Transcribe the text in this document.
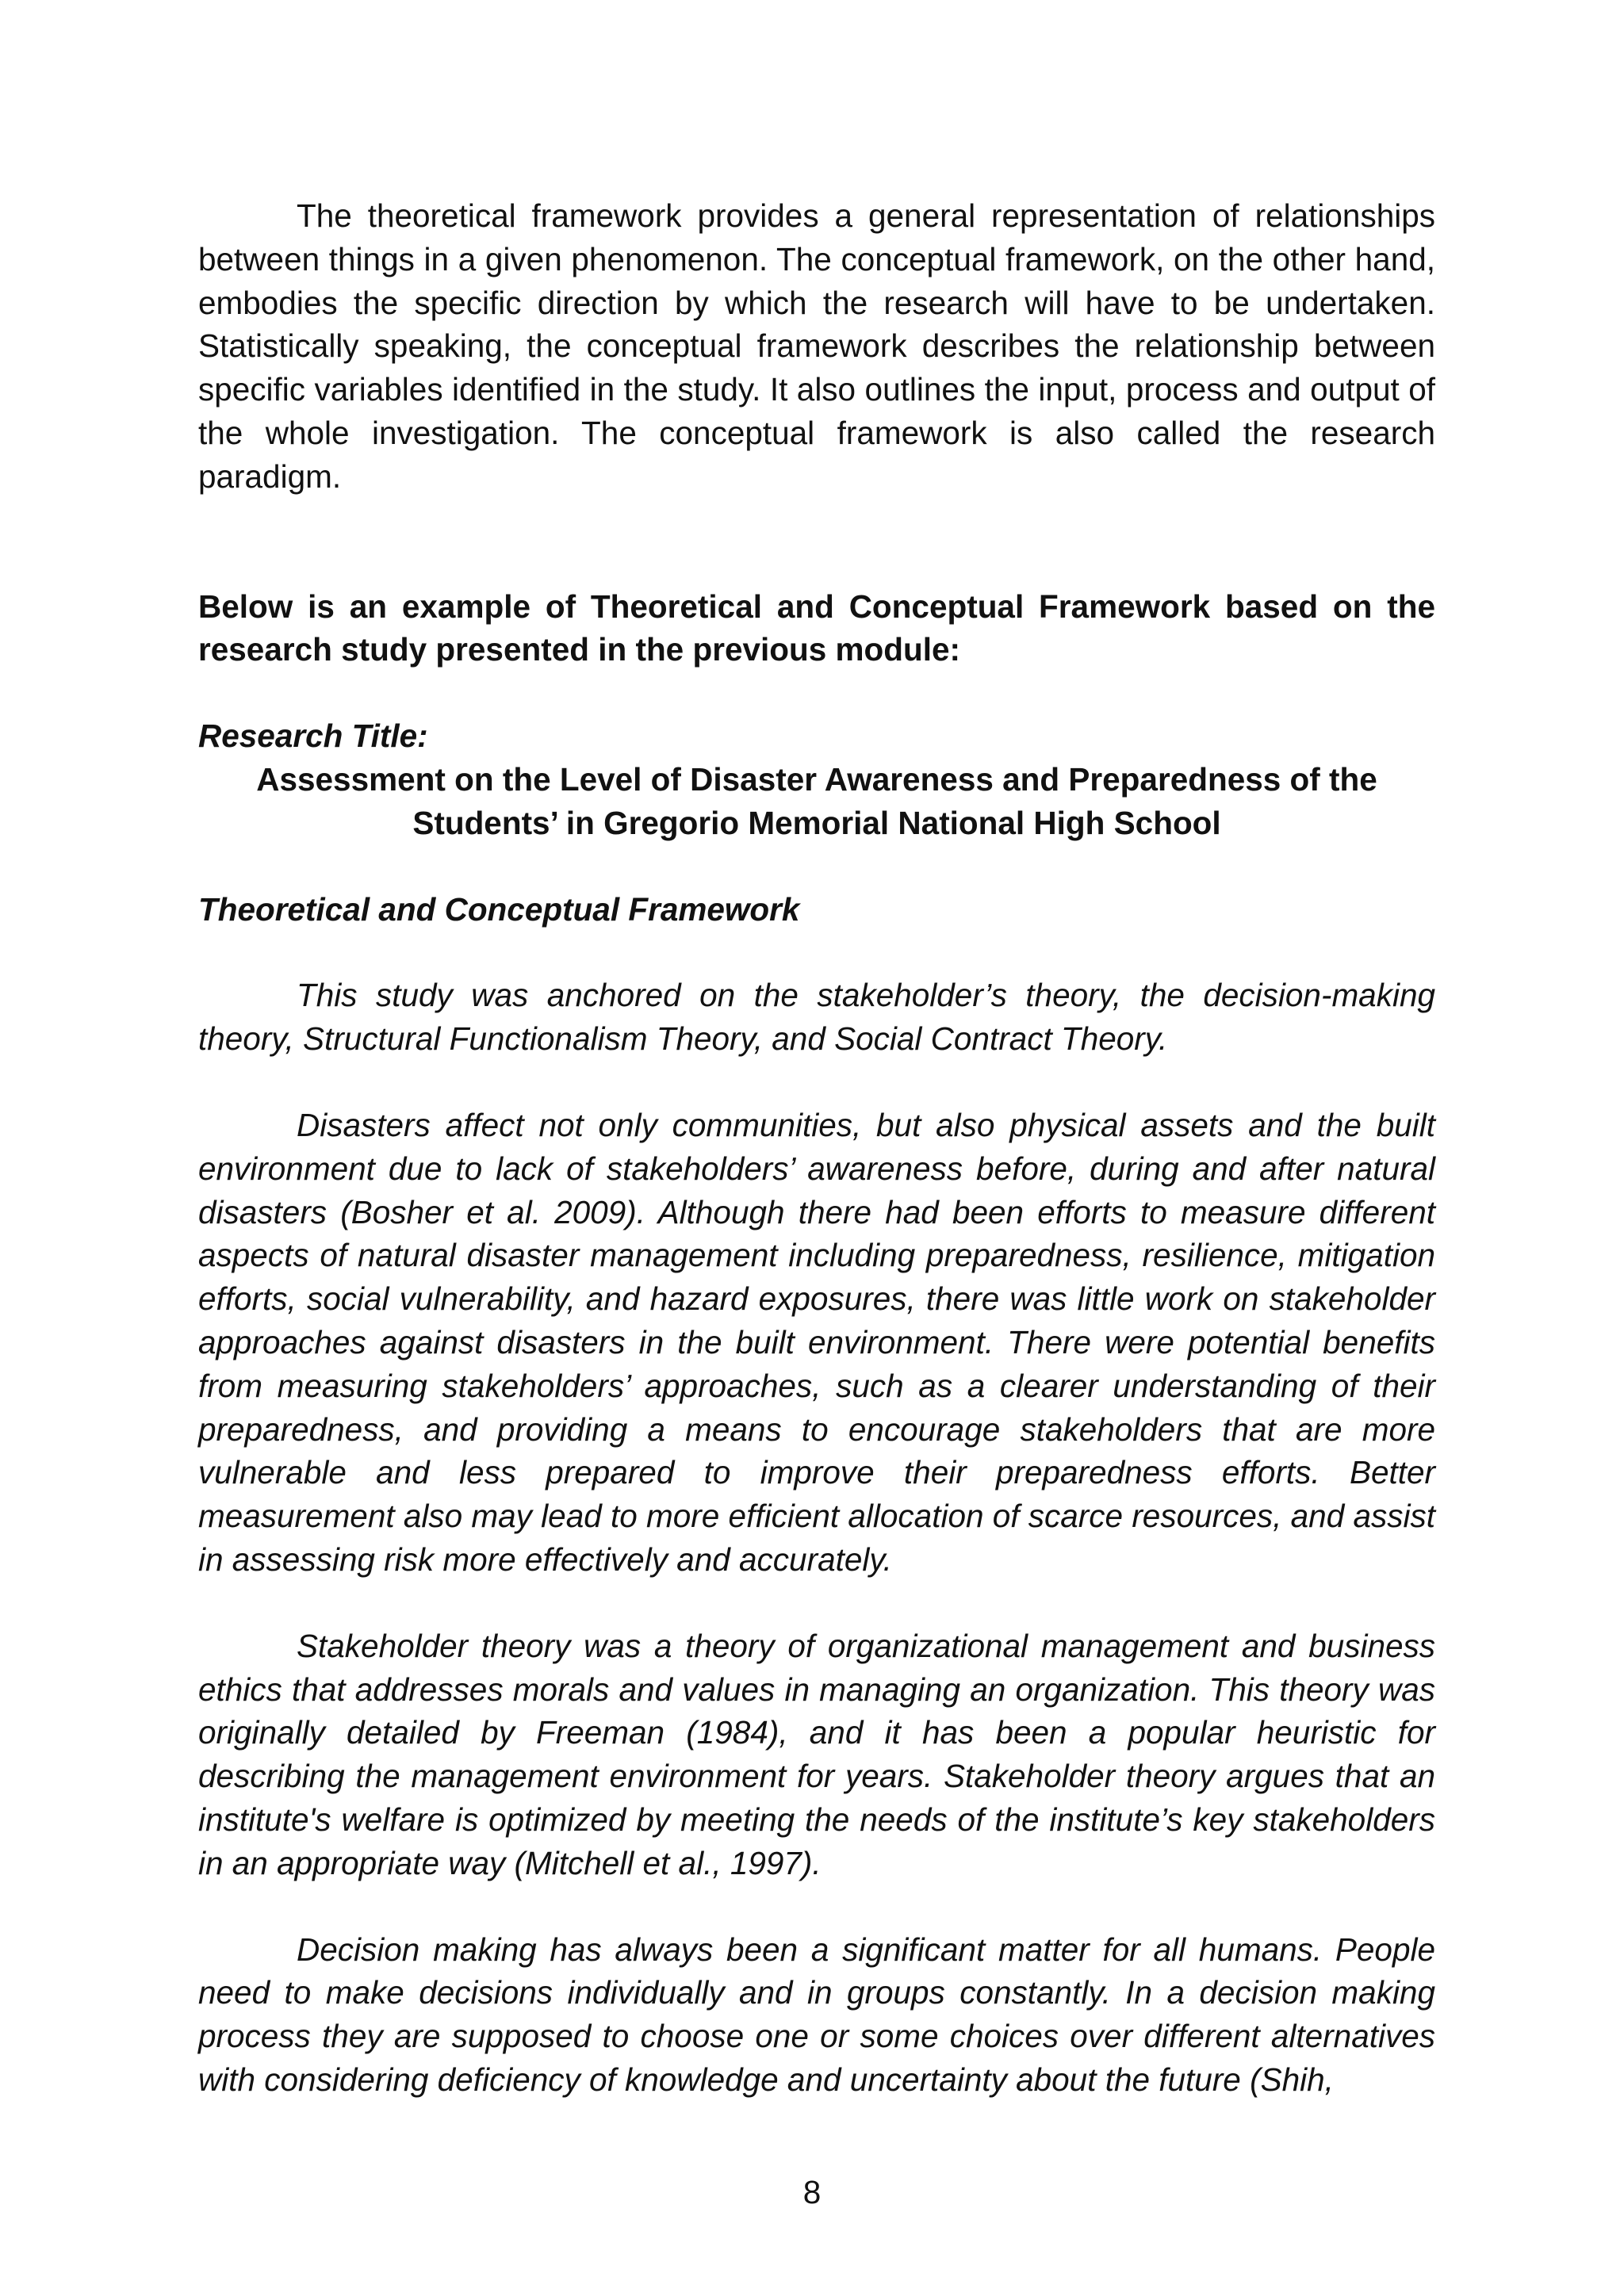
The theoretical framework provides a general representation of relationships between things in a given phenomenon. The conceptual framework, on the other hand, embodies the specific direction by which the research will have to be undertaken. Statistically speaking, the conceptual framework describes the relationship between specific variables identified in the study. It also outlines the input, process and output of the whole investigation. The conceptual framework is also called the research paradigm.

Below is an example of Theoretical and Conceptual Framework based on the research study presented in the previous module:

Research Title:

Assessment on the Level of Disaster Awareness and Preparedness of the Students’ in Gregorio Memorial National High School

Theoretical and Conceptual Framework

This study was anchored on the stakeholder’s theory, the decision-making theory, Structural Functionalism Theory, and Social Contract Theory.

Disasters affect not only communities, but also physical assets and the built environment due to lack of stakeholders’ awareness before, during and after natural disasters (Bosher et al. 2009). Although there had been efforts to measure different aspects of natural disaster management including preparedness, resilience, mitigation efforts, social vulnerability, and hazard exposures, there was little work on stakeholder approaches against disasters in the built environment. There were potential benefits from measuring stakeholders’ approaches, such as a clearer understanding of their preparedness, and providing a means to encourage stakeholders that are more vulnerable and less prepared to improve their preparedness efforts. Better measurement also may lead to more efficient allocation of scarce resources, and assist in assessing risk more effectively and accurately.

Stakeholder theory was a theory of organizational management and business ethics that addresses morals and values in managing an organization. This theory was originally detailed by Freeman (1984), and it has been a popular heuristic for describing the management environment for years. Stakeholder theory argues that an institute's welfare is optimized by meeting the needs of the institute’s key stakeholders in an appropriate way (Mitchell et al., 1997).

Decision making has always been a significant matter for all humans. People need to make decisions individually and in groups constantly. In a decision making process they are supposed to choose one or some choices over different alternatives with considering deficiency of knowledge and uncertainty about the future (Shih,

8
